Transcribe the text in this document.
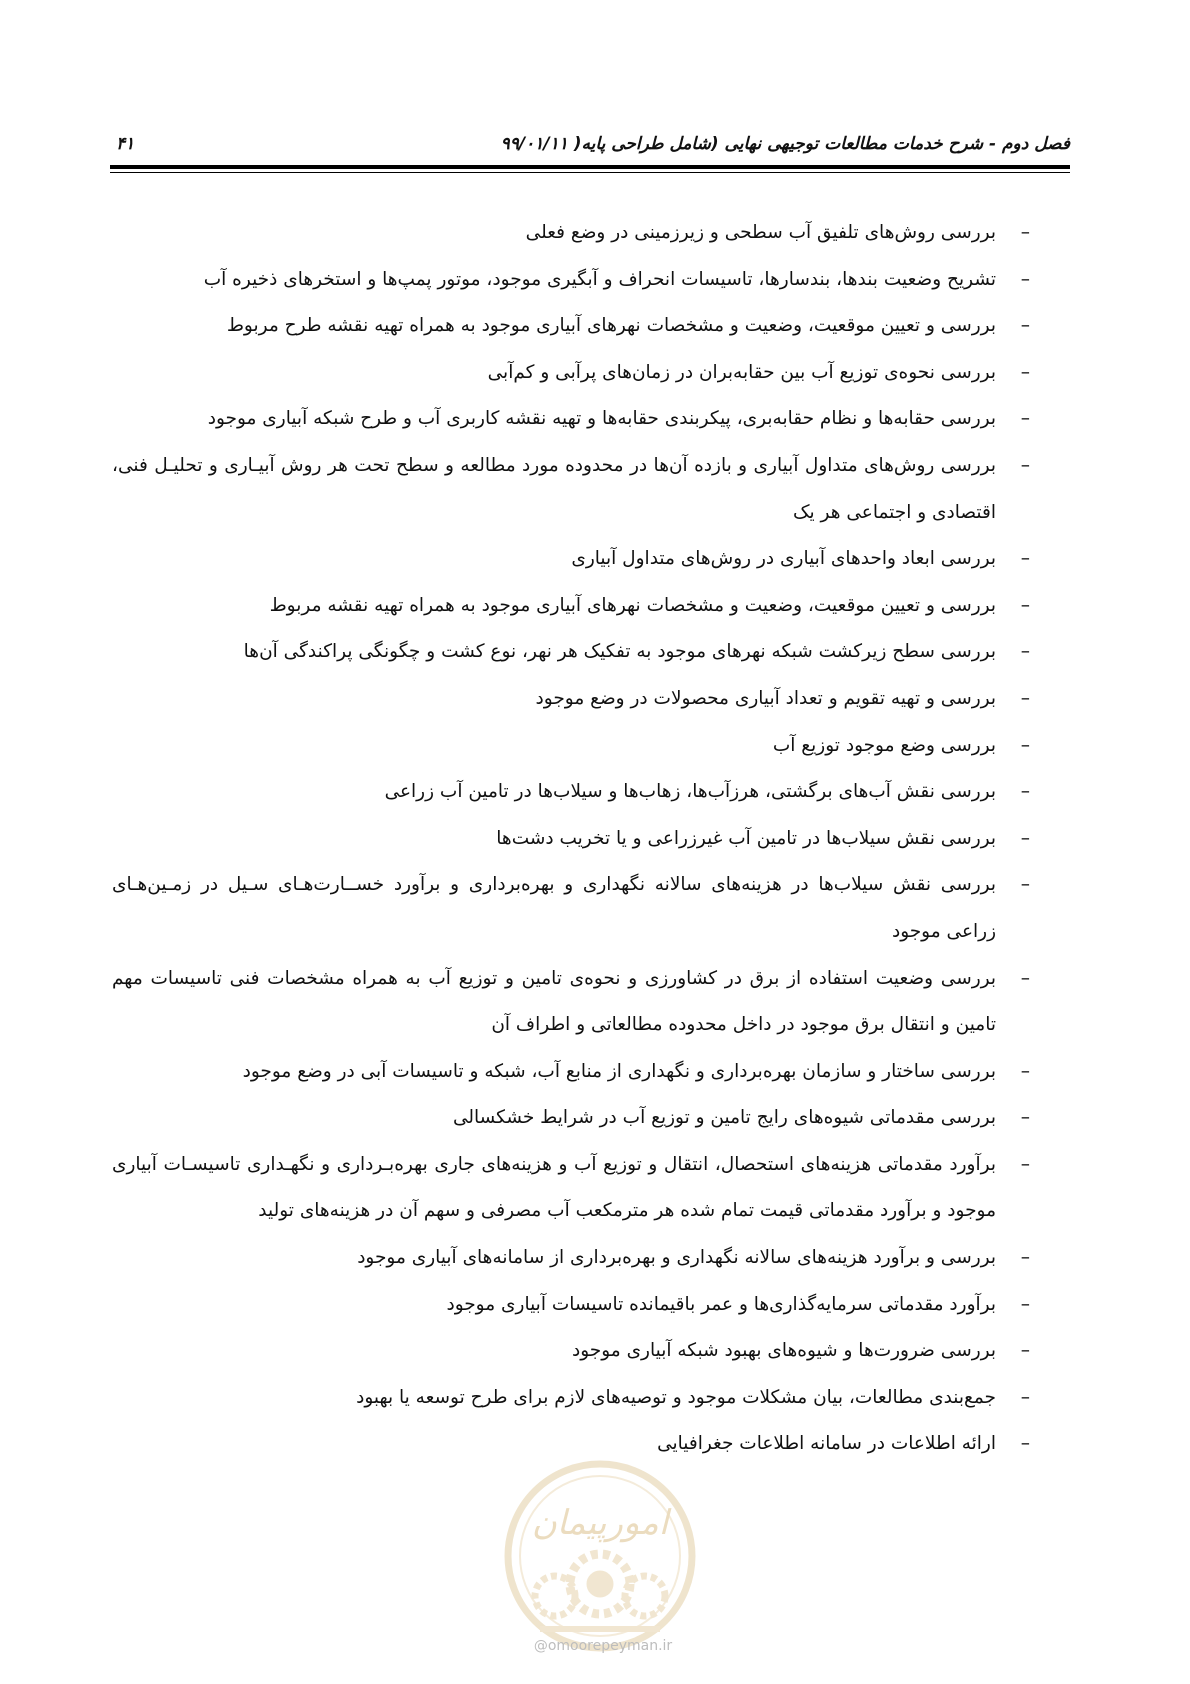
۴۱	فصل دوم - شرح خدمات مطالعات توجیهی نهایی (شامل طراحی پایه( ۹۹/۰۱/۱۱
–
بررسی روش‌های تلفیق آب سطحی و زیرزمینی در وضع فعلی
–
تشریح وضعیت بندها، بندسارها، تاسیسات انحراف و آبگیری موجود، موتور پمپ‌ها و استخرهای ذخیره آب
–
بررسی و تعیین موقعیت، وضعیت و مشخصات نهرهای آبیاری موجود به همراه تهیه نقشه طرح مربوط
–
بررسی نحوه‌ی توزیع آب بین حقابه‌بران در زمان‌های پرآبی و کم‌آبی
–
بررسی حقابه‌ها و نظام حقابه‌بری، پیکربندی حقابه‌ها و تهیه نقشه کاربری آب و طرح شبکه آبیاری موجود
–
بررسی روش‌های متداول آبیاری و بازده آن‌ها در محدوده مورد مطالعه و سطح تحت هر روش آبیـاری و تحلیـل فنی، اقتصادی و اجتماعی هر یک
–
بررسی ابعاد واحدهای آبیاری در روش‌های متداول آبیاری
–
بررسی و تعیین موقعیت، وضعیت و مشخصات نهرهای آبیاری موجود به همراه تهیه نقشه مربوط
–
بررسی سطح زیرکشت شبکه نهرهای موجود به تفکیک هر نهر، نوع کشت و چگونگی پراکندگی آن‌ها
–
بررسی و تهیه تقویم و تعداد آبیاری محصولات در وضع موجود
–
بررسی وضع موجود توزیع آب
–
بررسی نقش آب‌های برگشتی، هرزآب‌ها، زهاب‌ها و سیلاب‌ها در تامین آب زراعی
–
بررسی نقش سیلاب‌ها در تامین آب غیرزراعی و یا تخریب دشت‌ها
–
بررسی نقش سیلاب‌ها در هزینه‌های سالانه نگهداری و بهره‌برداری و برآورد خســارت‌هـای سـیل در زمـین‌هـای زراعی موجود
–
بررسی وضعیت استفاده از برق در کشاورزی و نحوه‌ی تامین و توزیع آب به همراه مشخصات فنی تاسیسات مهم تامین و انتقال برق موجود در داخل محدوده مطالعاتی و اطراف آن
–
بررسی ساختار و سازمان بهره‌برداری و نگهداری از منابع آب، شبکه و تاسیسات آبی در وضع موجود
–
بررسی مقدماتی شیوه‌های رایج تامین و توزیع آب در شرایط خشکسالی
–
برآورد مقدماتی هزینه‌های استحصال، انتقال و توزیع آب و هزینه‌های جاری بهره‌بـرداری و نگهـداری تاسیسـات آبیاری موجود و برآورد مقدماتی قیمت تمام شده هر مترمکعب آب مصرفی و سهم آن در هزینه‌های تولید
–
بررسی و برآورد هزینه‌های سالانه نگهداری و بهره‌برداری از سامانه‌های آبیاری موجود
–
برآورد مقدماتی سرمایه‌گذاری‌ها و عمر باقیمانده تاسیسات آبیاری موجود
–
بررسی ضرورت‌ها و شیوه‌های بهبود شبکه آبیاری موجود
–
جمع‌بندی مطالعات، بیان مشکلات موجود و توصیه‌های لازم برای طرح توسعه یا بهبود
–
ارائه اطلاعات در سامانه اطلاعات جغرافیایی
امورپیمان
@omoorepeyman.ir
